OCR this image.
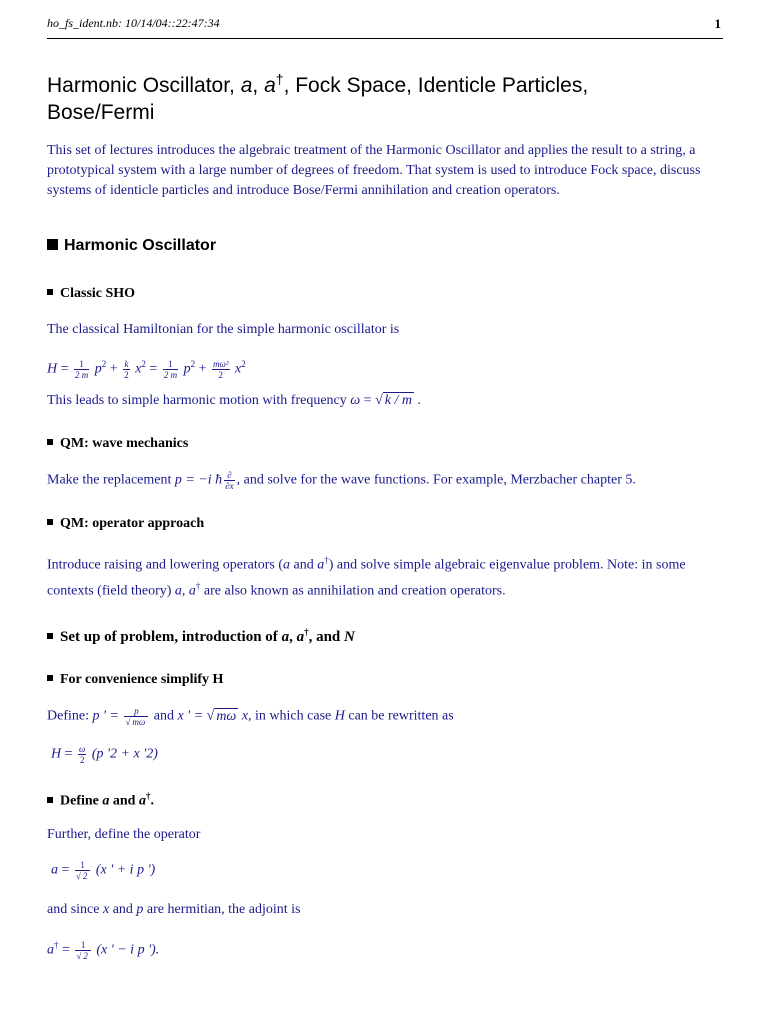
ho_fs_ident.nb: 10/14/04::22:47:34	1
Harmonic Oscillator, a, a†, Fock Space, Identicle Particles,
Bose/Fermi
This set of lectures introduces the algebraic treatment of the Harmonic Oscillator and applies the result to a string, a
prototypical system with a large number of degrees of freedom. That system is used to introduce Fock space, discuss
systems of identicle particles and introduce Bose/Fermi annihilation and creation operators.
Harmonic Oscillator
Classic SHO
The classical Hamiltonian for the simple harmonic oscillator is
$H = \frac{1}{2 m} p^2 + \frac{k}{2} x^2 = \frac{1}{2 m} p^2 + \frac{\text{mω²}}{2} x^2$
This leads to simple harmonic motion with frequency ω = √ k / m .
QM: wave mechanics
Make the replacement p = −i ħ $\frac{\partial}{\partial x}$ , and solve for the wave functions. For example, Merzbacher chapter 5.
QM: operator approach
Introduce raising and lowering operators (a and a†) and solve simple algebraic eigenvalue problem. Note: in some
contexts (field theory) a, a† are also known as annihilation and creation operators.
Set up of problem, introduction of a, a†, and N
For convenience simplify H
Define: p ' = $\frac{p}{√ m\omega}$ and x ' = √ mω x, in which case H can be rewritten as
$H = \frac{\omega}{2} (p$ '2 + x '2)
Define a and a†.
Further, define the operator
$a = \frac{1}{√ 2} (x$ ' + i p ')
and since x and p are hermitian, the adjoint is
$a^\dagger = \frac{1}{√ 2} (x$ ' − i p ').
